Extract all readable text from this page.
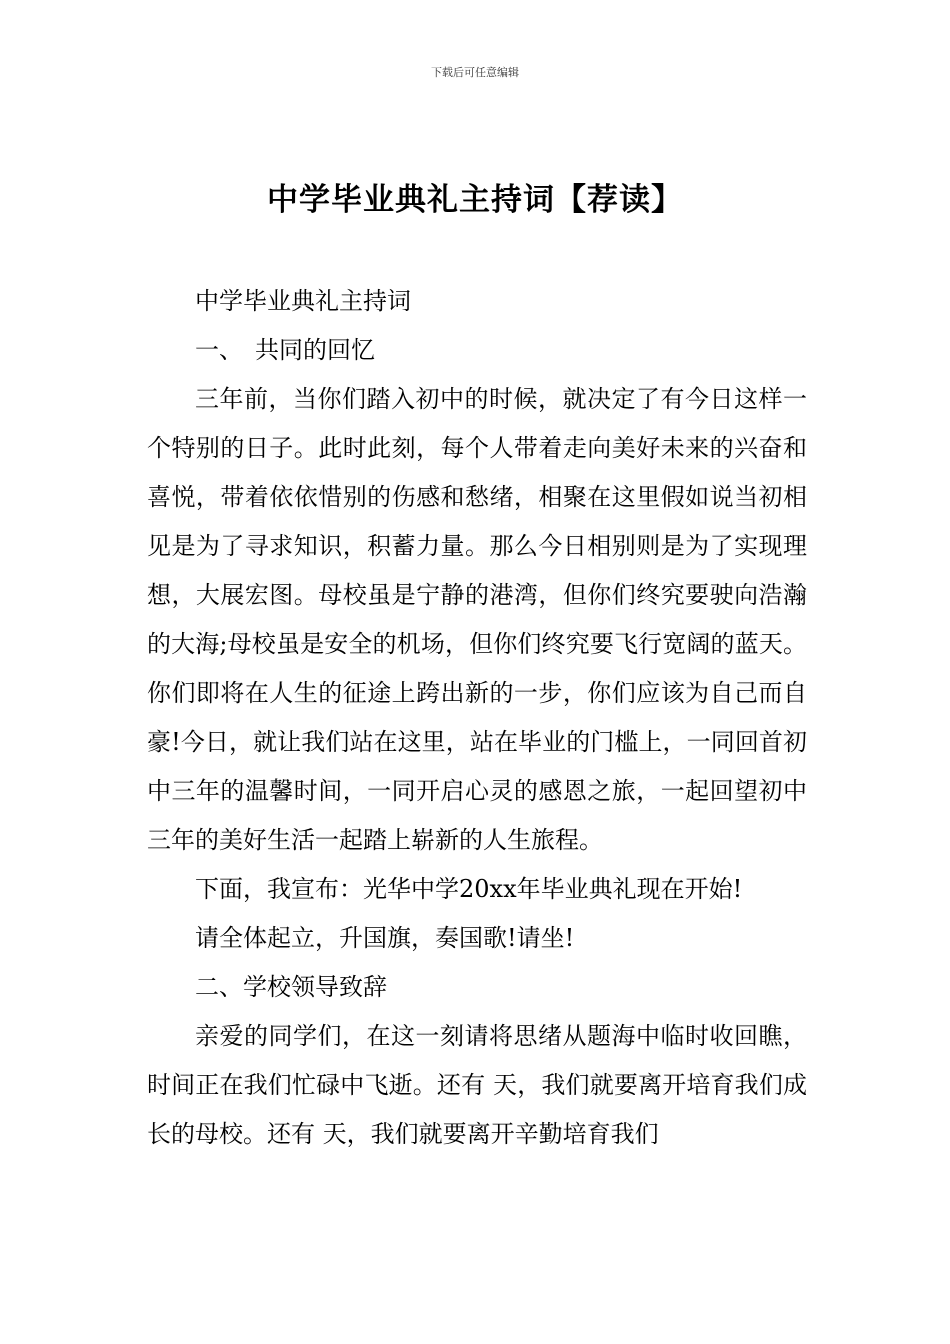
下载后可任意编辑
中学毕业典礼主持词【荐读】

中学毕业典礼主持词

一、　共同的回忆

三年前，当你们踏入初中的时候，就决定了有今日这样一个特别的日子。此时此刻，每个人带着走向美好未来的兴奋和喜悦，带着依依惜别的伤感和愁绪，相聚在这里假如说当初相见是为了寻求知识，积蓄力量。那么今日相别则是为了实现理想，大展宏图。母校虽是宁静的港湾，但你们终究要驶向浩瀚的大海;母校虽是安全的机场，但你们终究要飞行宽阔的蓝天。你们即将在人生的征途上跨出新的一步，你们应该为自己而自豪!今日，就让我们站在这里，站在毕业的门槛上，一同回首初中三年的温馨时间，一同开启心灵的感恩之旅，一起回望初中三年的美好生活一起踏上崭新的人生旅程。

下面，我宣布：光华中学20xx年毕业典礼现在开始!

请全体起立，升国旗，奏国歌!请坐!

二、学校领导致辞

亲爱的同学们，在这一刻请将思绪从题海中临时收回瞧，时间正在我们忙碌中飞逝。还有 天，我们就要离开培育我们成长的母校。还有 天，我们就要离开辛勤培育我们
